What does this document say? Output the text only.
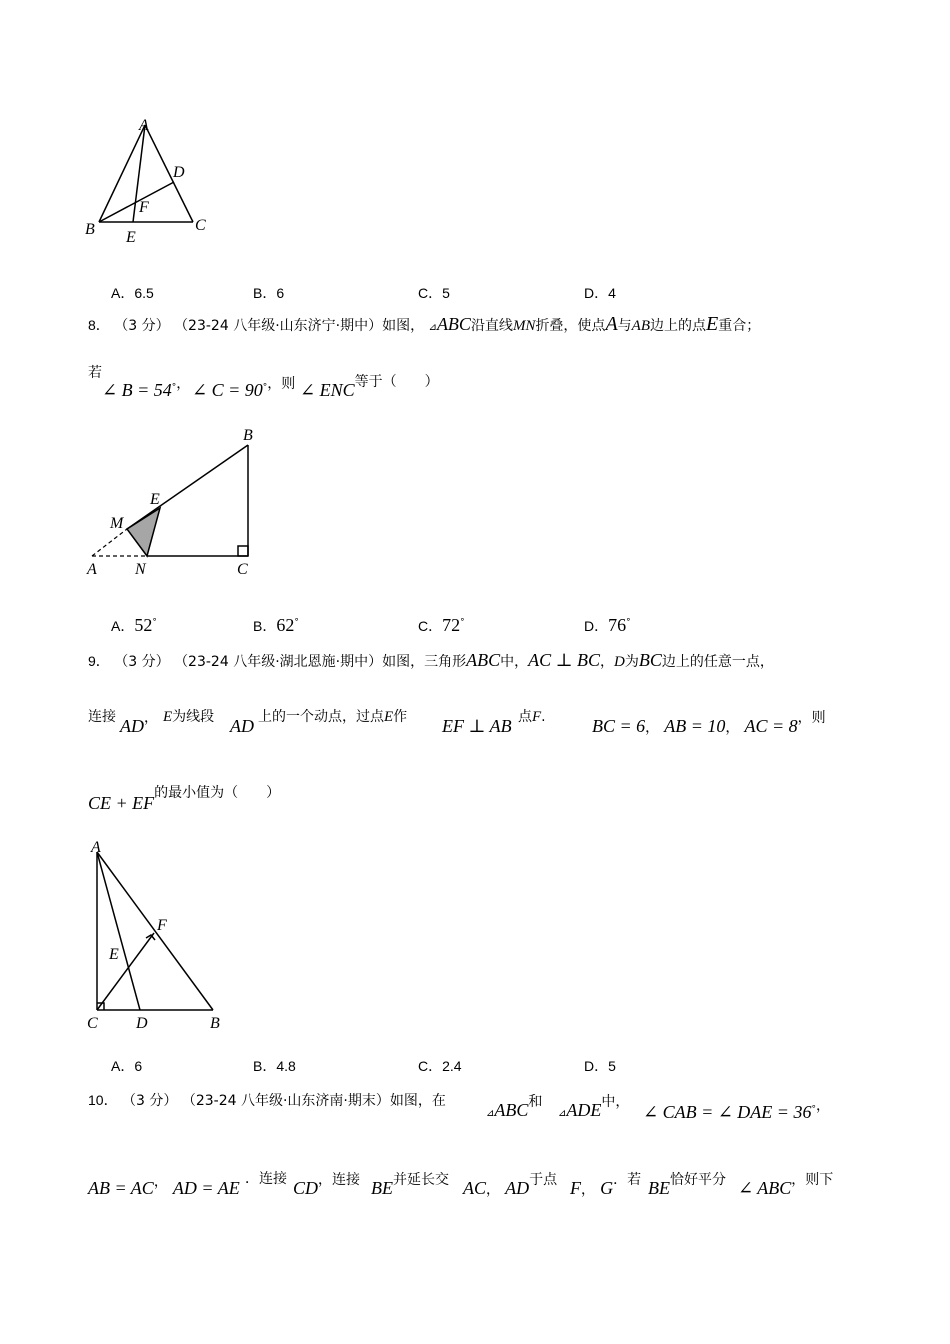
A
D
F
B E
C
A．6.5	B．6	C．5	D．4
8． （3 分） （23-24 八年级·山东济宁·期中）如图， ⊿ABC沿直线MN折叠，使点A与AB边上的点E重合；
若
∠ B = 54°， ∠ C = 90°，则 ∠ ENC等于（　　）
B
E
M
A N	C
A．52°	B．62°	C．72°	D．76°
9． （3 分） （23-24 八年级·湖北恩施·期中）如图，三角形ABC中，AC ⊥ BC，D为BC边上的任意一点，
连接 AD， E为线段 AD 上的一个动点，过点E作 EF ⊥ AB 点F.	BC = 6， AB = 10， AC = 8，则
CE + EF的最小值为（　　）
A
F
E
C D	B
A．6	B．4.8	C．2.4	D．5
10． （3 分） （23-24 八年级·山东济南·期末）如图，在
⊿ABC和
⊿ADE中， ∠ CAB = ∠ DAE = 36°，
AB = AC， AD = AE ．连接 CD，连接 BE并延长交 AC， AD于点 F， G．若 BE恰好平分 ∠ ABC，则下
